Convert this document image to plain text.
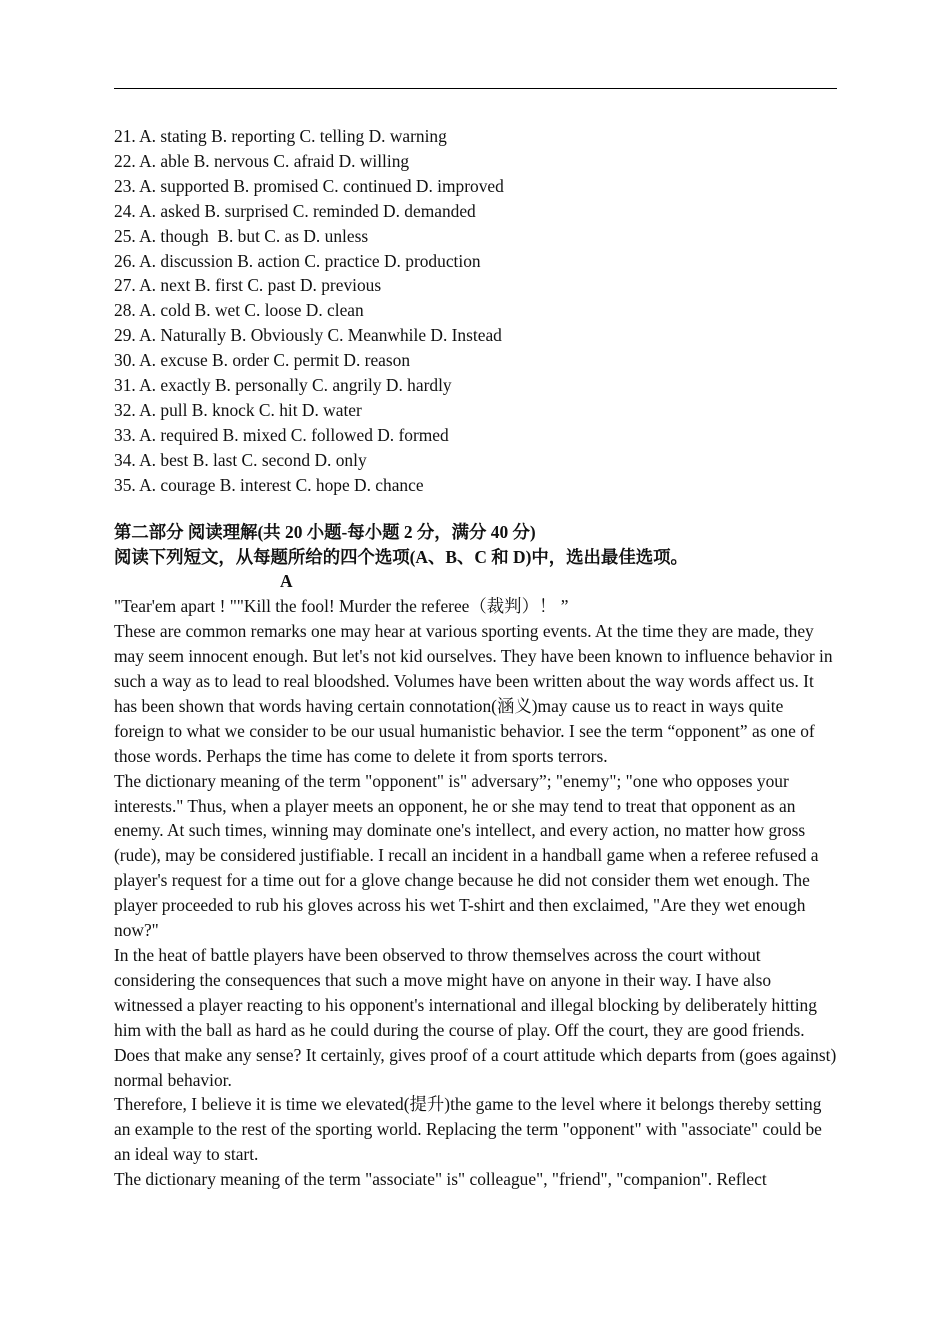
21. A. stating B. reporting C. telling D. warning

22. A. able B. nervous C. afraid D. willing

23. A. supported B. promised C. continued D. improved

24. A. asked B. surprised C. reminded D. demanded

25. A. though  B. but C. as D. unless

26. A. discussion B. action C. practice D. production

27. A. next B. first C. past D. previous

28. A. cold B. wet C. loose D. clean

29. A. Naturally B. Obviously C. Meanwhile D. Instead

30. A. excuse B. order C. permit D. reason

31. A. exactly B. personally C. angrily D. hardly

32. A. pull B. knock C. hit D. water

33. A. required B. mixed C. followed D. formed

34. A. best B. last C. second D. only

35. A. courage B. interest C. hope D. chance

第二部分 阅读理解(共 20 小题-每小题 2 分，满分 40 分)

阅读下列短文，从每题所给的四个选项(A、B、C 和 D)中，选出最佳选项。

A

"Tear'em apart ! ""Kill the fool! Murder the referee（裁判）！ ”

These are common remarks one may hear at various sporting events. At the time they are made, they may seem innocent enough. But let's not kid ourselves. They have been known to influence behavior in such a way as to lead to real bloodshed. Volumes have been written about the way words affect us. It has been shown that words having certain connotation(涵义)may cause us to react in ways quite foreign to what we consider to be our usual humanistic behavior. I see the term “opponent” as one of those words. Perhaps the time has come to delete it from sports terrors.

The dictionary meaning of the term "opponent" is" adversary”; "enemy"; "one who opposes your interests." Thus, when a player meets an opponent, he or she may tend to treat that opponent as an enemy. At such times, winning may dominate one's intellect, and every action, no matter how gross (rude), may be considered justifiable. I recall an incident in a handball game when a referee refused a player's request for a time out for a glove change because he did not consider them wet enough. The player proceeded to rub his gloves across his wet T-shirt and then exclaimed, "Are they wet enough now?"

In the heat of battle players have been observed to throw themselves across the court without considering the consequences that such a move might have on anyone in their way. I have also witnessed a player reacting to his opponent's international and illegal blocking by deliberately hitting him with the ball as hard as he could during the course of play. Off the court, they are good friends. Does that make any sense? It certainly, gives proof of a court attitude which departs from (goes against) normal behavior.

Therefore, I believe it is time we elevated(提升)the game to the level where it belongs thereby setting an example to the rest of the sporting world. Replacing the term "opponent" with "associate" could be an ideal way to start.

The dictionary meaning of the term "associate" is" colleague", "friend", "companion". Reflect
